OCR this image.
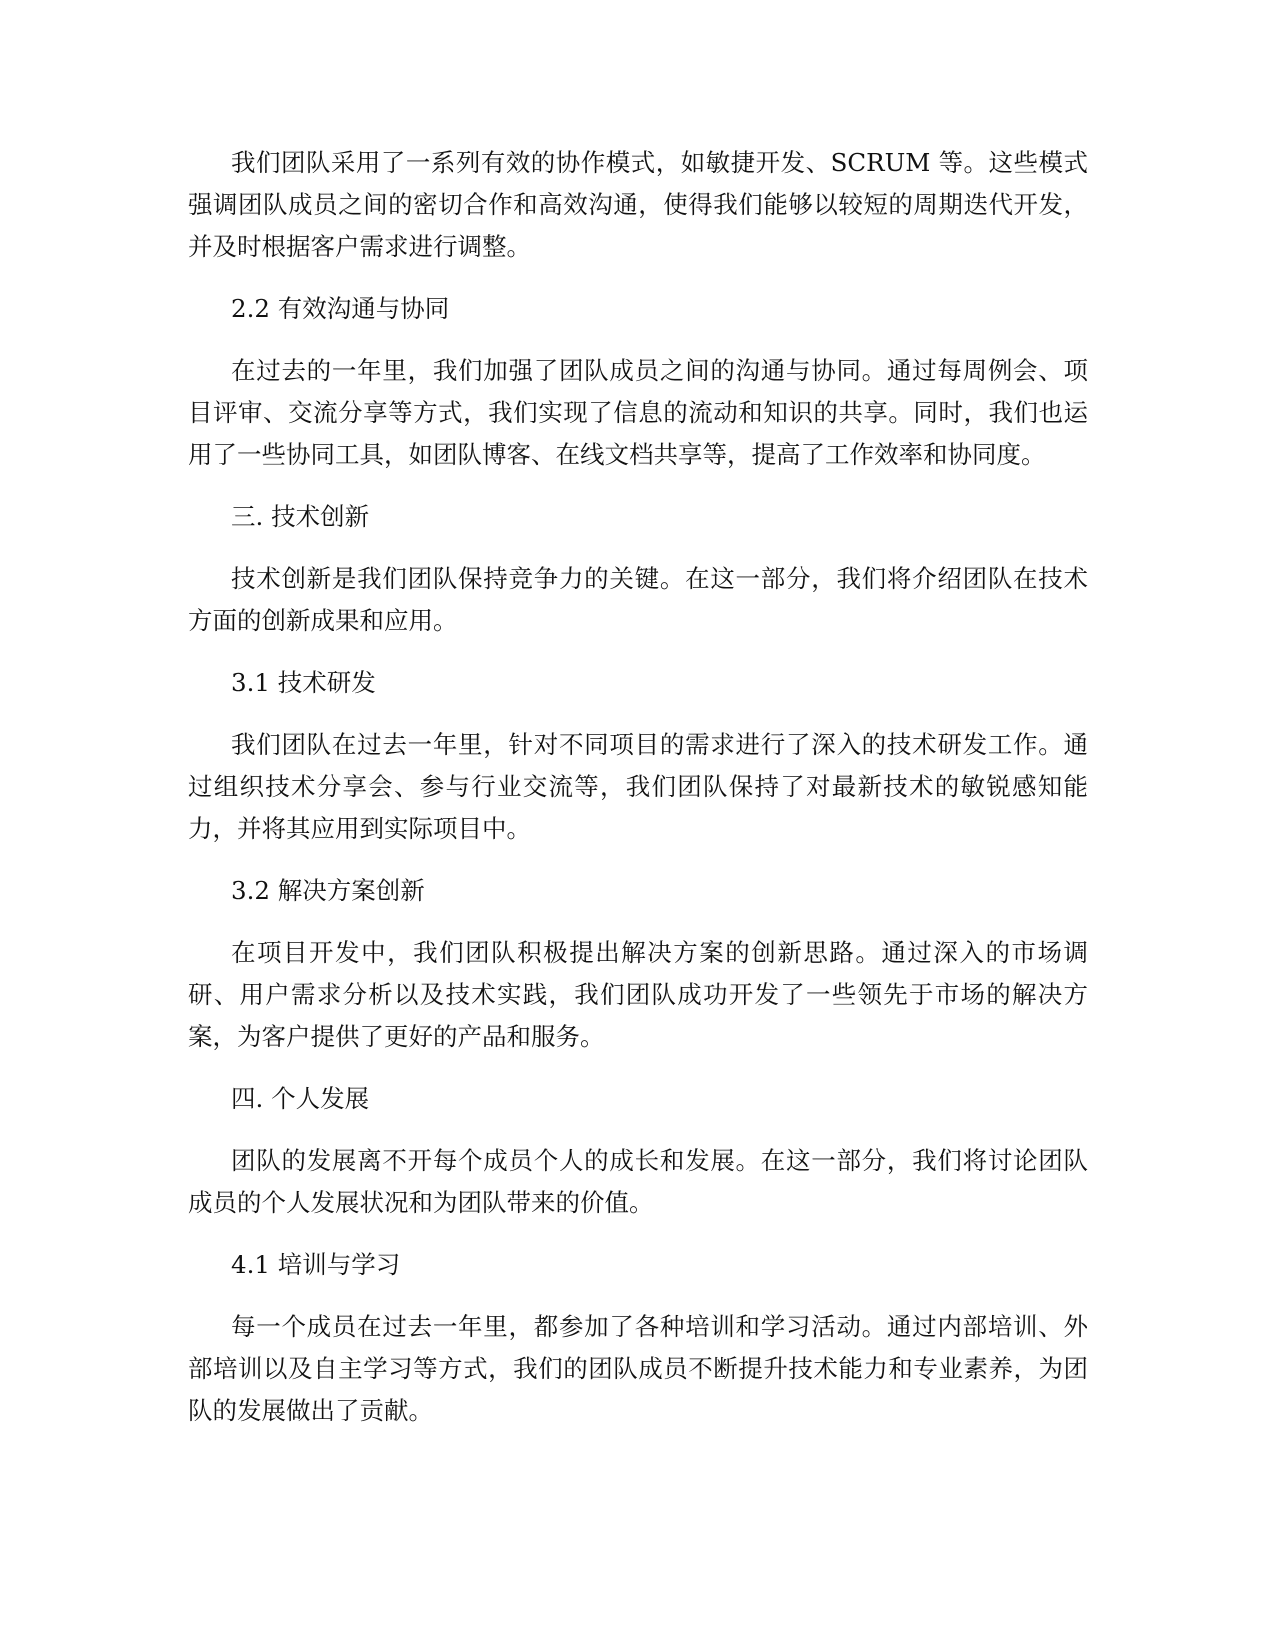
我们团队采用了一系列有效的协作模式，如敏捷开发、SCRUM 等。这些模式强调团队成员之间的密切合作和高效沟通，使得我们能够以较短的周期迭代开发，并及时根据客户需求进行调整。

2.2 有效沟通与协同

在过去的一年里，我们加强了团队成员之间的沟通与协同。通过每周例会、项目评审、交流分享等方式，我们实现了信息的流动和知识的共享。同时，我们也运用了一些协同工具，如团队博客、在线文档共享等，提高了工作效率和协同度。

三. 技术创新

技术创新是我们团队保持竞争力的关键。在这一部分，我们将介绍团队在技术方面的创新成果和应用。

3.1 技术研发

我们团队在过去一年里，针对不同项目的需求进行了深入的技术研发工作。通过组织技术分享会、参与行业交流等，我们团队保持了对最新技术的敏锐感知能力，并将其应用到实际项目中。

3.2 解决方案创新

在项目开发中，我们团队积极提出解决方案的创新思路。通过深入的市场调研、用户需求分析以及技术实践，我们团队成功开发了一些领先于市场的解决方案，为客户提供了更好的产品和服务。

四. 个人发展

团队的发展离不开每个成员个人的成长和发展。在这一部分，我们将讨论团队成员的个人发展状况和为团队带来的价值。

4.1 培训与学习

每一个成员在过去一年里，都参加了各种培训和学习活动。通过内部培训、外部培训以及自主学习等方式，我们的团队成员不断提升技术能力和专业素养，为团队的发展做出了贡献。
